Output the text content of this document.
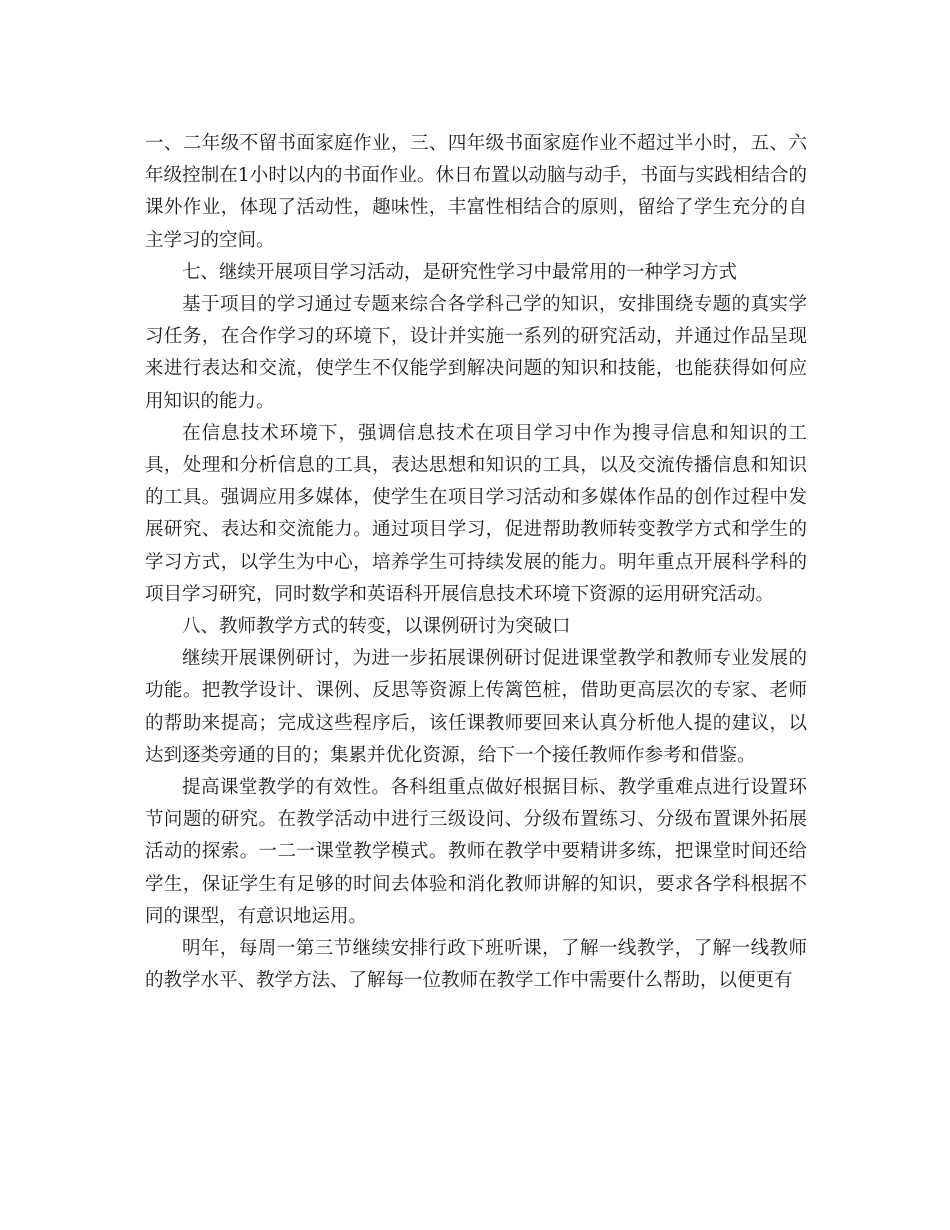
一、二年级不留书面家庭作业，三、四年级书面家庭作业不超过半小时，五、六年级控制在1小时以内的书面作业。休日布置以动脑与动手，书面与实践相结合的课外作业，体现了活动性，趣味性，丰富性相结合的原则，留给了学生充分的自主学习的空间。

七、继续开展项目学习活动，是研究性学习中最常用的一种学习方式

基于项目的学习通过专题来综合各学科己学的知识，安排围绕专题的真实学习任务，在合作学习的环境下，设计并实施一系列的研究活动，并通过作品呈现来进行表达和交流，使学生不仅能学到解决问题的知识和技能，也能获得如何应用知识的能力。

在信息技术环境下，强调信息技术在项目学习中作为搜寻信息和知识的工具，处理和分析信息的工具，表达思想和知识的工具，以及交流传播信息和知识的工具。强调应用多媒体，使学生在项目学习活动和多媒体作品的创作过程中发展研究、表达和交流能力。通过项目学习，促进帮助教师转变教学方式和学生的学习方式，以学生为中心，培养学生可持续发展的能力。明年重点开展科学科的项目学习研究，同时数学和英语科开展信息技术环境下资源的运用研究活动。

八、教师教学方式的转变，以课例研讨为突破口

继续开展课例研讨，为进一步拓展课例研讨促进课堂教学和教师专业发展的功能。把教学设计、课例、反思等资源上传篱笆桩，借助更高层次的专家、老师的帮助来提高；完成这些程序后，该任课教师要回来认真分析他人提的建议，以达到逐类旁通的目的；集累并优化资源，给下一个接任教师作参考和借鉴。

提高课堂教学的有效性。各科组重点做好根据目标、教学重难点进行设置环节问题的研究。在教学活动中进行三级设问、分级布置练习、分级布置课外拓展活动的探索。一二一课堂教学模式。教师在教学中要精讲多练，把课堂时间还给学生，保证学生有足够的时间去体验和消化教师讲解的知识，要求各学科根据不同的课型，有意识地运用。

明年，每周一第三节继续安排行政下班听课，了解一线教学，了解一线教师的教学水平、教学方法、了解每一位教师在教学工作中需要什么帮助，以便更有
